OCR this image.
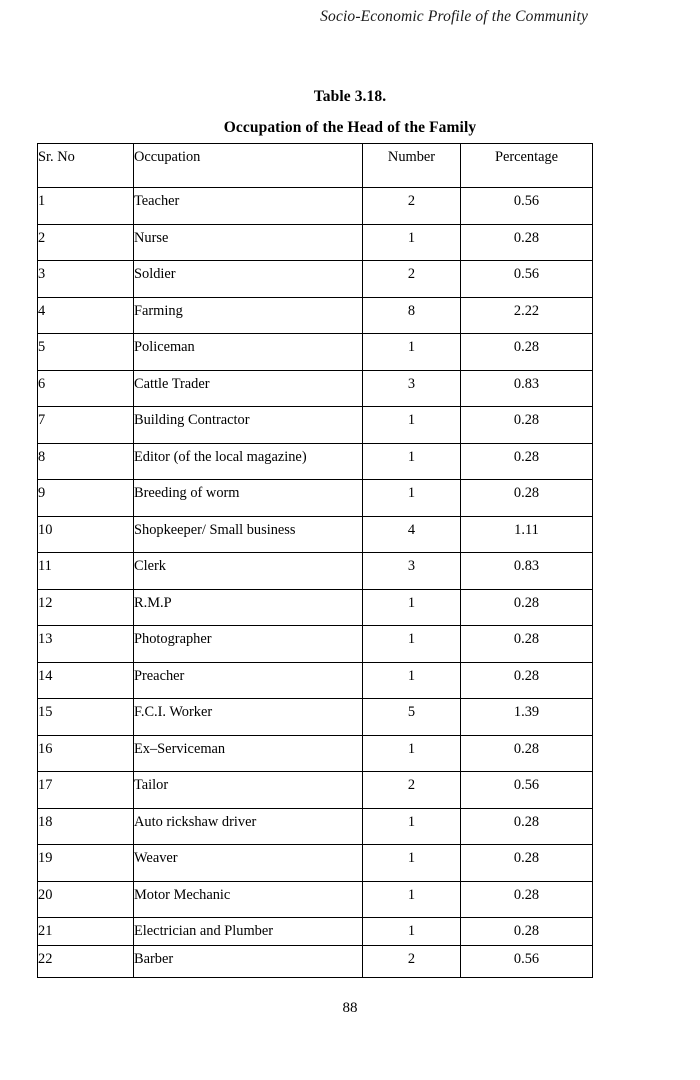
Socio-Economic Profile of the Community
Table 3.18.
Occupation of the Head of the Family
Sr. No	Occupation	Number	Percentage
1	Teacher	2	0.56
2	Nurse	1	0.28
3	Soldier	2	0.56
4	Farming	8	2.22
5	Policeman	1	0.28
6	Cattle Trader	3	0.83
7	Building Contractor	1	0.28
8	Editor (of the local magazine)	1	0.28
9	Breeding of worm	1	0.28
10	Shopkeeper/ Small business	4	1.11
11	Clerk	3	0.83
12	R.M.P	1	0.28
13	Photographer	1	0.28
14	Preacher	1	0.28
15	F.C.I. Worker	5	1.39
16	Ex–Serviceman	1	0.28
17	Tailor	2	0.56
18	Auto rickshaw driver	1	0.28
19	Weaver	1	0.28
20	Motor Mechanic	1	0.28
21	Electrician and Plumber	1	0.28
22	Barber	2	0.56
88
